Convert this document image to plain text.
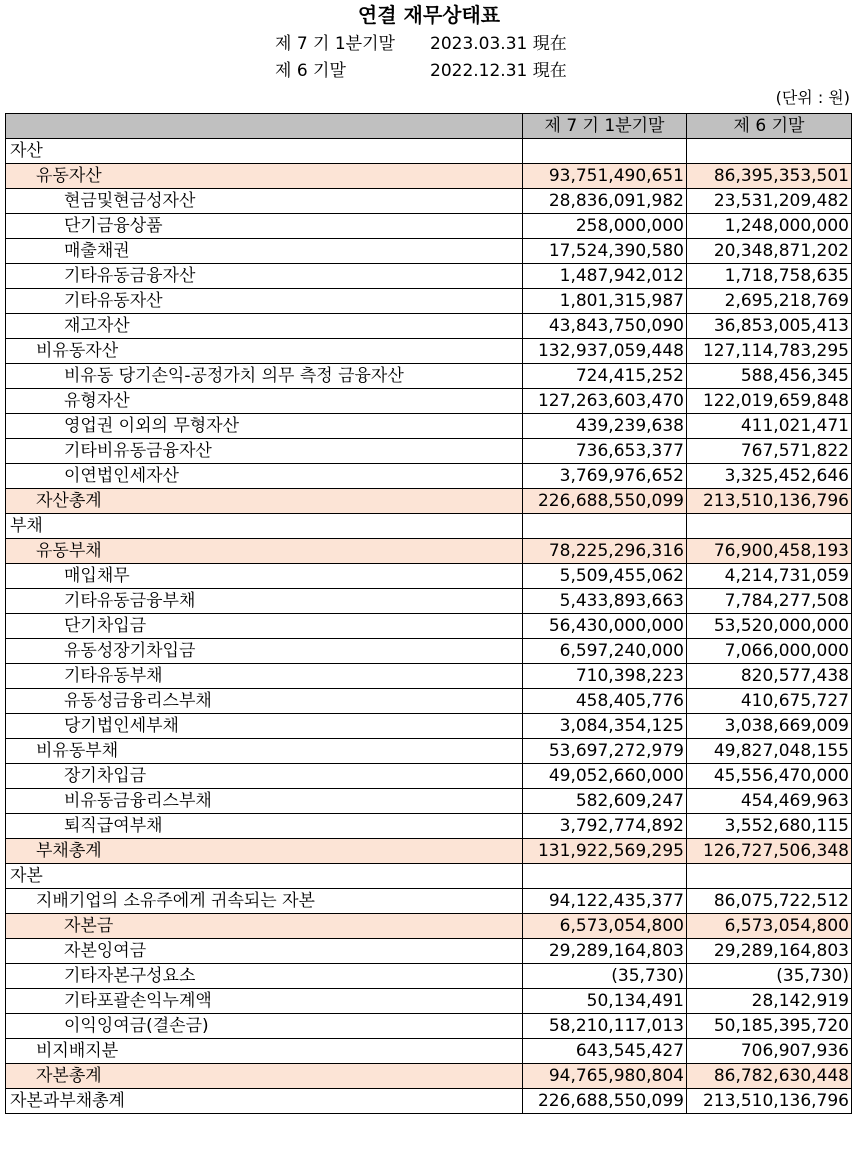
연결 재무상태표
제 7 기 1분기말 2023.03.31 現在
제 6 기말	2022.12.31 現在
(단위 : 원)
	제 7 기 1분기말	제 6 기말
자산		
유동자산	93,751,490,651	86,395,353,501
현금및현금성자산	28,836,091,982	23,531,209,482
단기금융상품	258,000,000	1,248,000,000
매출채권	17,524,390,580	20,348,871,202
기타유동금융자산	1,487,942,012	1,718,758,635
기타유동자산	1,801,315,987	2,695,218,769
재고자산	43,843,750,090	36,853,005,413
비유동자산	132,937,059,448	127,114,783,295
비유동 당기손익-공정가치 의무 측정 금융자산	724,415,252	588,456,345
유형자산	127,263,603,470	122,019,659,848
영업권 이외의 무형자산	439,239,638	411,021,471
기타비유동금융자산	736,653,377	767,571,822
이연법인세자산	3,769,976,652	3,325,452,646
자산총계	226,688,550,099	213,510,136,796
부채		
유동부채	78,225,296,316	76,900,458,193
매입채무	5,509,455,062	4,214,731,059
기타유동금융부채	5,433,893,663	7,784,277,508
단기차입금	56,430,000,000	53,520,000,000
유동성장기차입금	6,597,240,000	7,066,000,000
기타유동부채	710,398,223	820,577,438
유동성금융리스부채	458,405,776	410,675,727
당기법인세부채	3,084,354,125	3,038,669,009
비유동부채	53,697,272,979	49,827,048,155
장기차입금	49,052,660,000	45,556,470,000
비유동금융리스부채	582,609,247	454,469,963
퇴직급여부채	3,792,774,892	3,552,680,115
부채총계	131,922,569,295	126,727,506,348
자본		
지배기업의 소유주에게 귀속되는 자본	94,122,435,377	86,075,722,512
자본금	6,573,054,800	6,573,054,800
자본잉여금	29,289,164,803	29,289,164,803
기타자본구성요소	(35,730)	(35,730)
기타포괄손익누계액	50,134,491	28,142,919
이익잉여금(결손금)	58,210,117,013	50,185,395,720
비지배지분	643,545,427	706,907,936
자본총계	94,765,980,804	86,782,630,448
자본과부채총계	226,688,550,099	213,510,136,796
